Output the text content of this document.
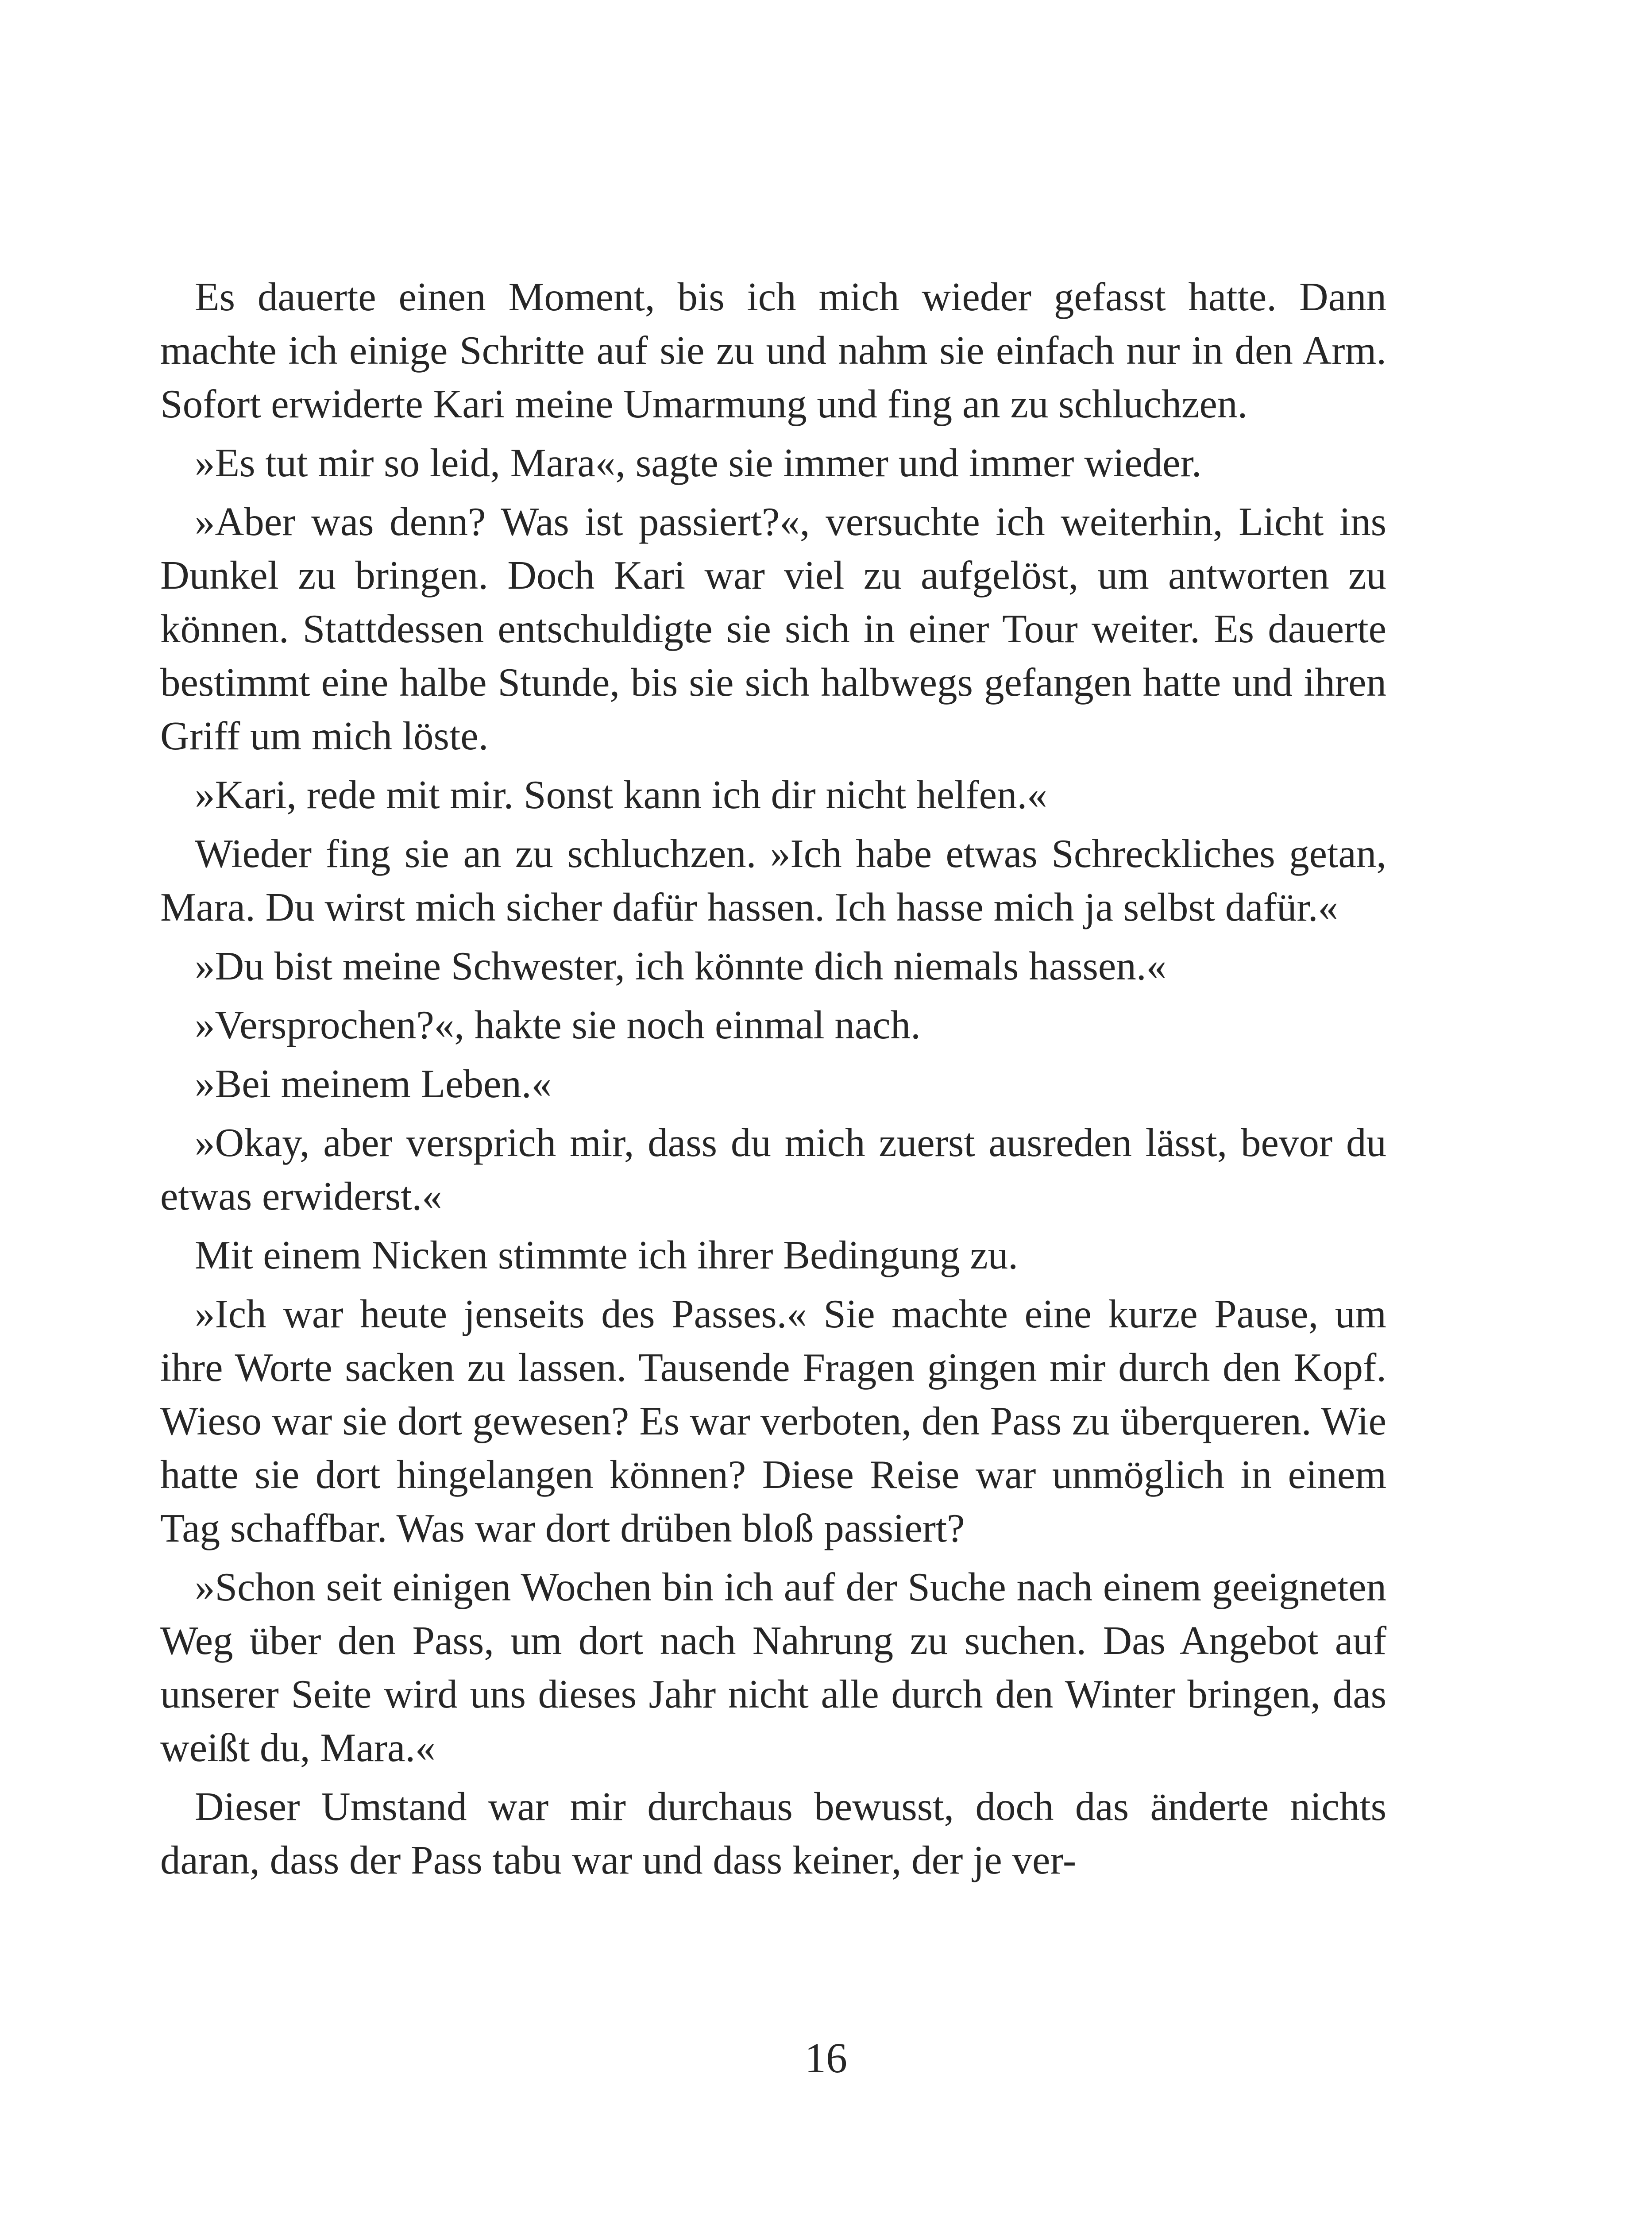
Es dauerte einen Moment, bis ich mich wieder gefasst hatte. Dann machte ich einige Schritte auf sie zu und nahm sie einfach nur in den Arm. Sofort erwiderte Kari meine Umarmung und fing an zu schluchzen.

»Es tut mir so leid, Mara«, sagte sie immer und immer wieder.

»Aber was denn? Was ist passiert?«, versuchte ich weiterhin, Licht ins Dunkel zu bringen. Doch Kari war viel zu aufgelöst, um antworten zu können. Stattdessen entschuldigte sie sich in einer Tour weiter. Es dauerte bestimmt eine halbe Stunde, bis sie sich halbwegs gefangen hatte und ihren Griff um mich löste.

»Kari, rede mit mir. Sonst kann ich dir nicht helfen.«

Wieder fing sie an zu schluchzen. »Ich habe etwas Schreckliches getan, Mara. Du wirst mich sicher dafür hassen. Ich hasse mich ja selbst dafür.«

»Du bist meine Schwester, ich könnte dich niemals hassen.«

»Versprochen?«, hakte sie noch einmal nach.

»Bei meinem Leben.«

»Okay, aber versprich mir, dass du mich zuerst ausreden lässt, bevor du etwas erwiderst.«

Mit einem Nicken stimmte ich ihrer Bedingung zu.

»Ich war heute jenseits des Passes.« Sie machte eine kurze Pause, um ihre Worte sacken zu lassen. Tausende Fragen gingen mir durch den Kopf. Wieso war sie dort gewesen? Es war verboten, den Pass zu überqueren. Wie hatte sie dort hingelangen können? Diese Reise war unmöglich in einem Tag schaffbar. Was war dort drüben bloß passiert?

»Schon seit einigen Wochen bin ich auf der Suche nach einem geeigneten Weg über den Pass, um dort nach Nahrung zu suchen. Das Angebot auf unserer Seite wird uns dieses Jahr nicht alle durch den Winter bringen, das weißt du, Mara.«

Dieser Umstand war mir durchaus bewusst, doch das änderte nichts daran, dass der Pass tabu war und dass keiner, der je ver-

16
